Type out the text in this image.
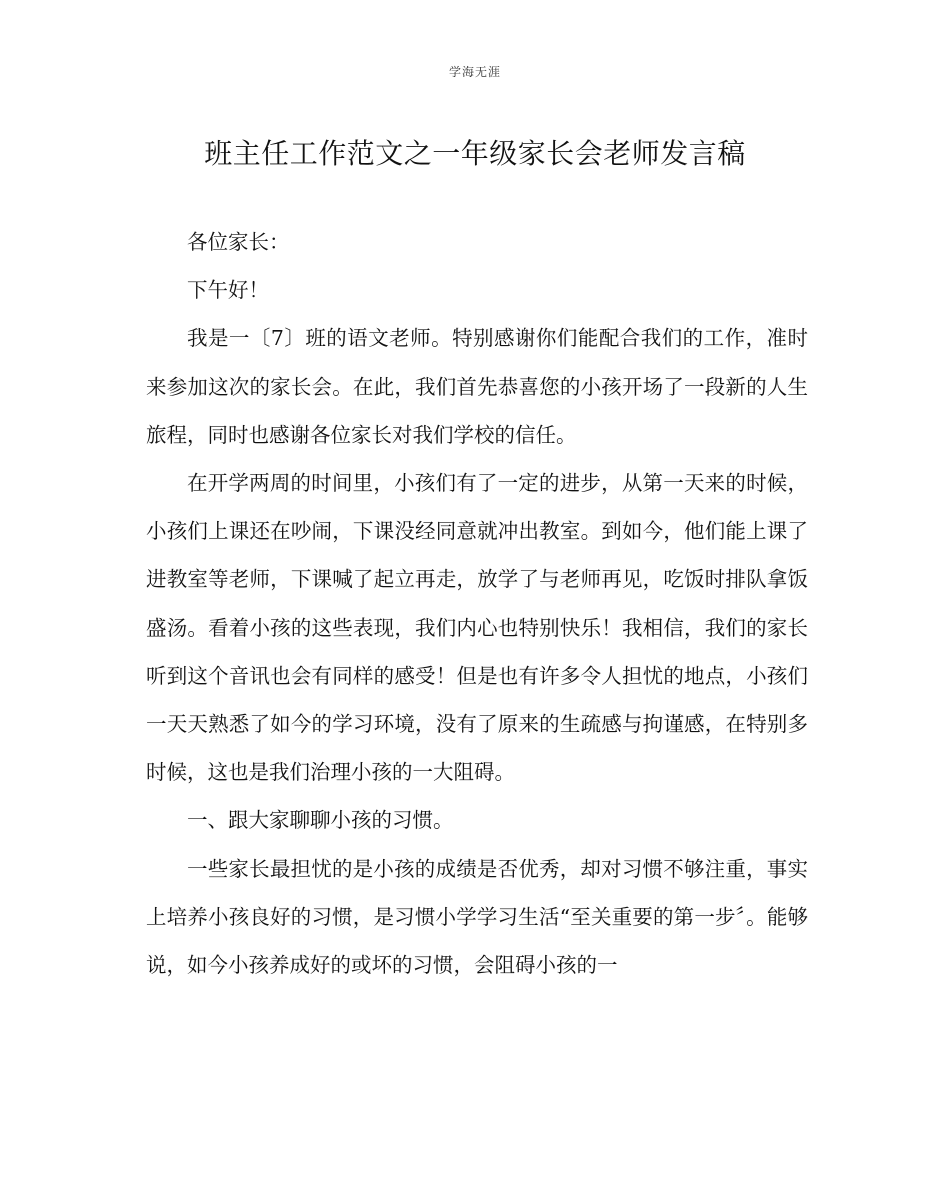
学海无涯
班主任工作范文之一年级家长会老师发言稿

各位家长：

下午好！

我是一〔7〕班的语文老师。特别感谢你们能配合我们的工作，准时来参加这次的家长会。在此，我们首先恭喜您的小孩开场了一段新的人生旅程，同时也感谢各位家长对我们学校的信任。

在开学两周的时间里，小孩们有了一定的进步，从第一天来的时候，小孩们上课还在吵闹，下课没经同意就冲出教室。到如今，他们能上课了进教室等老师，下课喊了起立再走，放学了与老师再见，吃饭时排队拿饭盛汤。看着小孩的这些表现，我们内心也特别快乐！我相信，我们的家长听到这个音讯也会有同样的感受！但是也有许多令人担忧的地点，小孩们一天天熟悉了如今的学习环境，没有了原来的生疏感与拘谨感，在特别多时候，这也是我们治理小孩的一大阻碍。

一、跟大家聊聊小孩的习惯。

一些家长最担忧的是小孩的成绩是否优秀，却对习惯不够注重，事实上培养小孩良好的习惯，是习惯小学学习生活“至关重要的第一步〞。能够说，如今小孩养成好的或坏的习惯，会阻碍小孩的一
